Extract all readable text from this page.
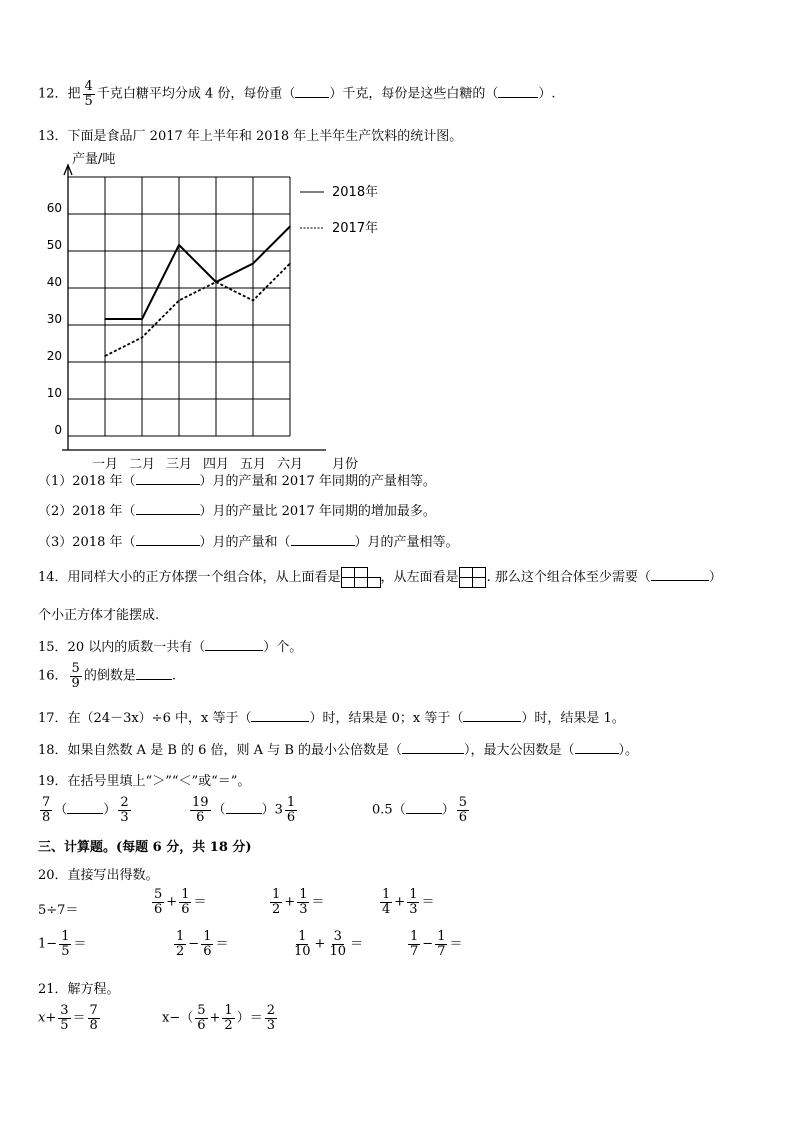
12．把 $\frac{4}{5}$ 千克白糖平均分成 4 份，每份重（	）千克，每份是这些白糖的（	）.
13．下面是食品厂 2017 年上半年和 2018 年上半年生产饮料的统计图。
产量/吨
0
10
20
30
40
50
60
一月 二月 三月 四月 五月 六月 月份
2018年
2017年
（1）2018 年（	）月的产量和 2017 年同期的产量相等。
（2）2018 年（	）月的产量比 2017 年同期的增加最多。
（3）2018 年（	）月的产量和（	）月的产量相等。
14．用同样大小的正方体摆一个组合体，从上面看是	，从左面看是 . 那么这个组合体至少需要（	）
个小正方体才能摆成.
15．20 以内的质数一共有（	）个。
16． $\frac{5}{9}$ 的倒数是	.
17．在（24－3x）÷6 中，x 等于（	）时，结果是 0；x 等于（	）时，结果是 1。
18．如果自然数 A 是 B 的 6 倍，则 A 与 B 的最小公倍数是（	），最大公因数是（	）。
19．在括号里填上“＞”“＜”或“＝”。
$\frac{7}{8}$ （	） $\frac{2}{3}$	$\frac{19}{6}$ （	）$3 \frac{1}{6}$	0.5（	） $\frac{5}{6}$
三、计算题。(每题 6 分，共 18 分)
20．直接写出得数。
5÷7＝	$\frac{5}{6} + \frac{1}{6}$ ＝	$\frac{1}{2} + \frac{1}{3}$ ＝	$\frac{1}{4} + \frac{1}{3}$ ＝
$1- \frac{1}{5}$ ＝	$\frac{1}{2} - \frac{1}{6}$ ＝	$\frac{1}{10} + \frac{3}{10}$ ＝	$\frac{1}{7} - \frac{1}{7}$ ＝
21．解方程。
$x+ \frac{3}{5} = \frac{7}{8}$	$x-( \frac{5}{6} + \frac{1}{2}$ ）＝ $\frac{2}{3}$
